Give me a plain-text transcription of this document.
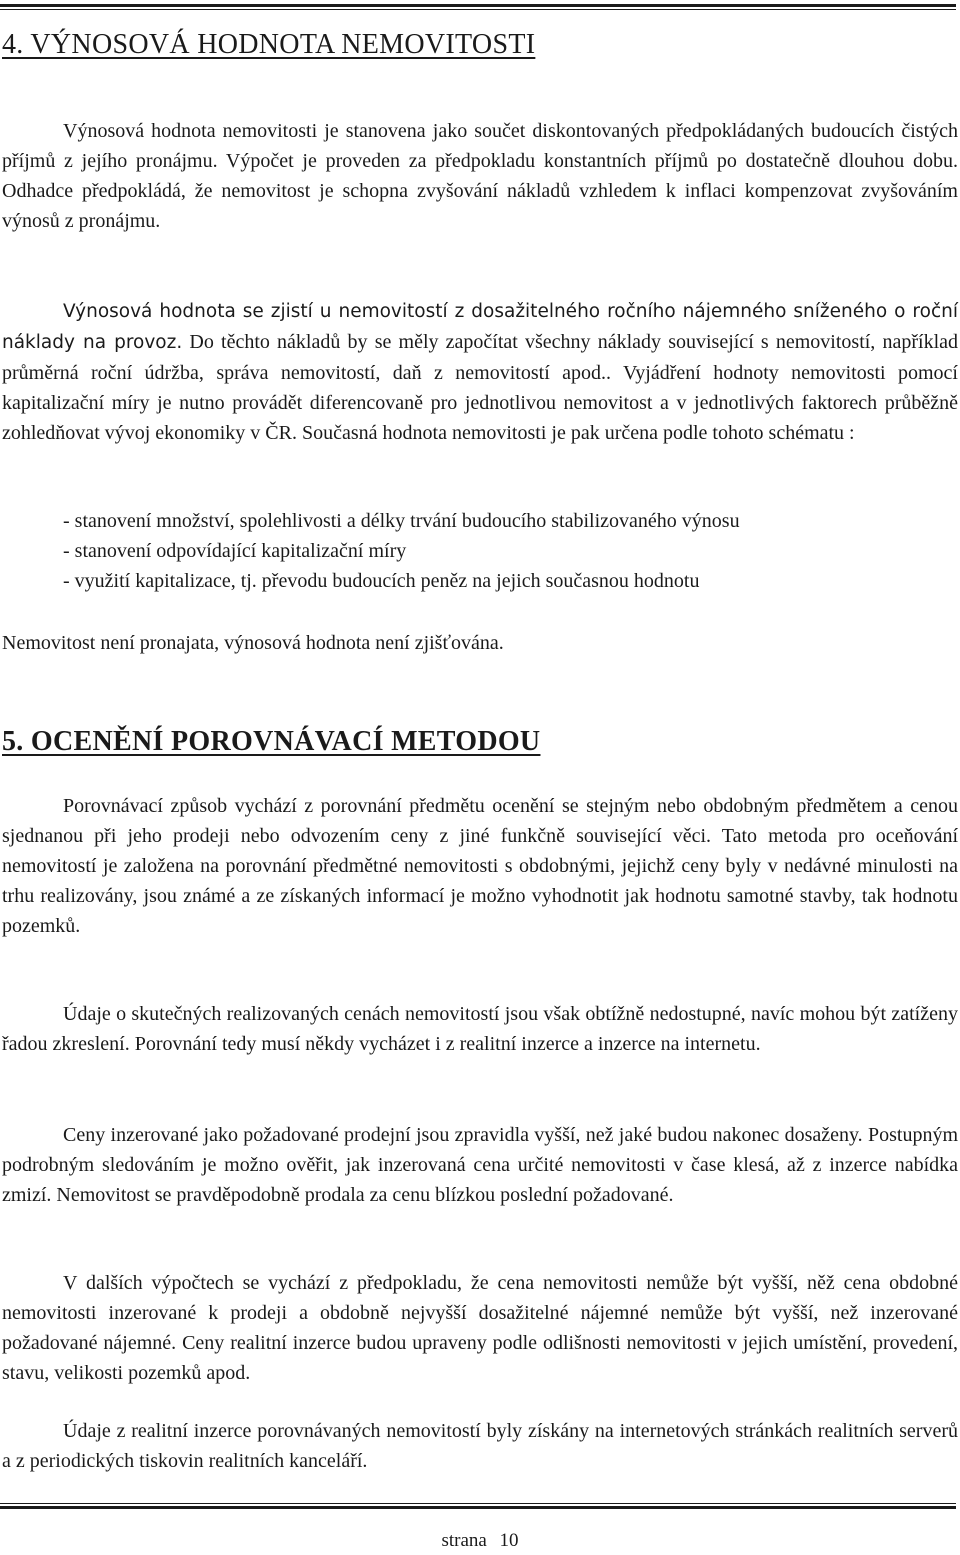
4. VÝNOSOVÁ HODNOTA NEMOVITOSTI

Výnosová hodnota nemovitosti je stanovena jako součet diskontovaných předpokládaných budoucích čistých příjmů z jejího pronájmu. Výpočet je proveden za předpokladu konstantních příjmů po dostatečně dlouhou dobu. Odhadce předpokládá, že nemovitost je schopna zvyšování nákladů vzhledem k inflaci kompenzovat zvyšováním výnosů z pronájmu.

Výnosová hodnota se zjistí u nemovitostí z dosažitelného ročního nájemného sníženého o roční náklady na provoz. Do těchto nákladů by se měly započítat všechny náklady související s nemovitostí, například průměrná roční údržba, správa nemovitostí, daň z nemovitostí apod.. Vyjádření hodnoty nemovitosti pomocí kapitalizační míry je nutno provádět diferencovaně pro jednotlivou nemovitost a v jednotlivých faktorech průběžně zohledňovat vývoj ekonomiky v ČR. Současná hodnota nemovitosti je pak určena podle tohoto schématu :

- stanovení množství, spolehlivosti a délky trvání budoucího stabilizovaného výnosu
- stanovení odpovídající kapitalizační míry
- využití kapitalizace, tj. převodu budoucích peněz na jejich současnou hodnotu

Nemovitost není pronajata, výnosová hodnota není zjišťována.

5. OCENĚNÍ POROVNÁVACÍ METODOU

Porovnávací způsob vychází z porovnání předmětu ocenění se stejným nebo obdobným předmětem a cenou sjednanou při jeho prodeji nebo odvozením ceny z jiné funkčně související věci. Tato metoda pro oceňování nemovitostí je založena na porovnání předmětné nemovitosti s obdobnými, jejichž ceny byly v nedávné minulosti na trhu realizovány, jsou známé a ze získaných informací je možno vyhodnotit jak hodnotu samotné stavby, tak hodnotu pozemků.

Údaje o skutečných realizovaných cenách nemovitostí jsou však obtížně nedostupné, navíc mohou být zatíženy řadou zkreslení. Porovnání tedy musí někdy vycházet i z realitní inzerce a inzerce na internetu.

Ceny inzerované jako požadované prodejní jsou zpravidla vyšší, než jaké budou nakonec dosaženy. Postupným podrobným sledováním je možno ověřit, jak inzerovaná cena určité nemovitosti v čase klesá, až z inzerce nabídka zmizí. Nemovitost se pravděpodobně prodala za cenu blízkou poslední požadované.

V dalších výpočtech se vychází z předpokladu, že cena nemovitosti nemůže být vyšší, něž cena obdobné nemovitosti inzerované k prodeji a obdobně nejvyšší dosažitelné nájemné nemůže být vyšší, než inzerované požadované nájemné. Ceny realitní inzerce budou upraveny podle odlišnosti nemovitosti v jejich umístění, provedení, stavu, velikosti pozemků apod.

Údaje z realitní inzerce porovnávaných nemovitostí byly získány na internetových stránkách realitních serverů a z periodických tiskovin realitních kanceláří.

strana 10
